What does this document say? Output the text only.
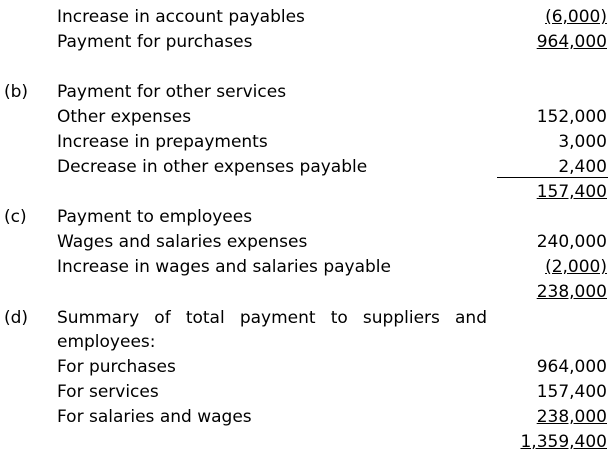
Increase in account payables	(6,000)
Payment for purchases	964,000
(b) Payment for other services
Other expenses	152,000
Increase in prepayments	3,000
Decrease in other expenses payable	2,400
157,400
(c) Payment to employees
Wages and salaries expenses	240,000
Increase in wages and salaries payable	(2,000)
238,000
(d) Summary of total payment to suppliers and
employees:
For purchases	964,000
For services	157,400
For salaries and wages	238,000
1,359,400
